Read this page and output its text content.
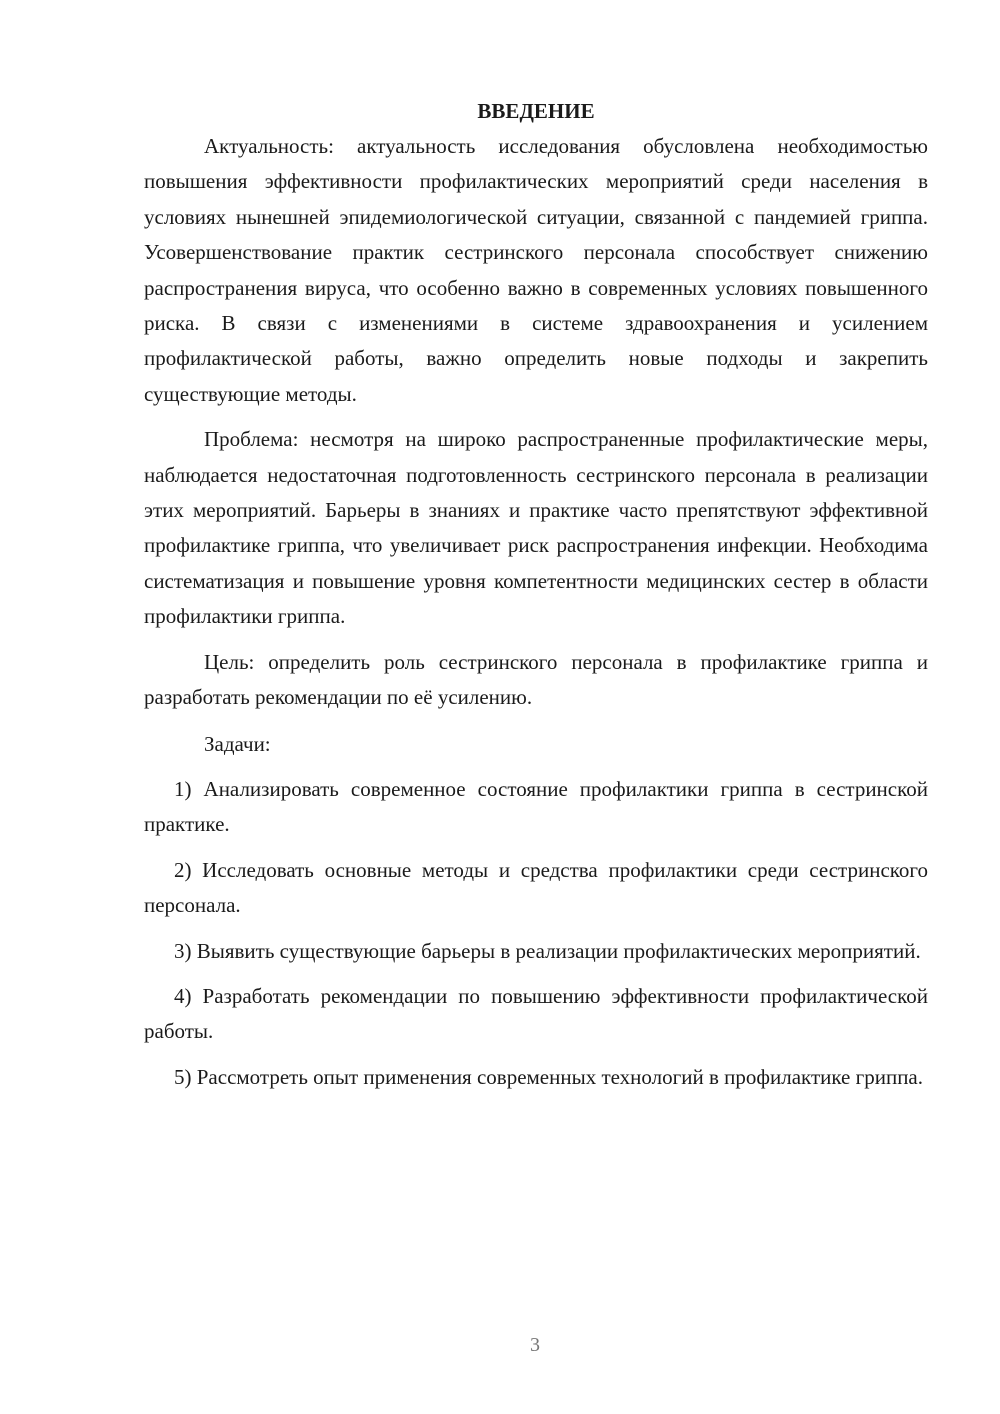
ВВЕДЕНИЕ

Актуальность: актуальность исследования обусловлена необходимостью повышения эффективности профилактических мероприятий среди населения в условиях нынешней эпидемиологической ситуации, связанной с пандемией гриппа. Усовершенствование практик сестринского персонала способствует снижению распространения вируса, что особенно важно в современных условиях повышенного риска. В связи с изменениями в системе здравоохранения и усилением профилактической работы, важно определить новые подходы и закрепить существующие методы.

Проблема: несмотря на широко распространенные профилактические меры, наблюдается недостаточная подготовленность сестринского персонала в реализации этих мероприятий. Барьеры в знаниях и практике часто препятствуют эффективной профилактике гриппа, что увеличивает риск распространения инфекции. Необходима систематизация и повышение уровня компетентности медицинских сестер в области профилактики гриппа.

Цель: определить роль сестринского персонала в профилактике гриппа и разработать рекомендации по её усилению.

Задачи:

1) Анализировать современное состояние профилактики гриппа в сестринской практике.

2) Исследовать основные методы и средства профилактики среди сестринского персонала.

3) Выявить существующие барьеры в реализации профилактических мероприятий.

4) Разработать рекомендации по повышению эффективности профилактической работы.

5) Рассмотреть опыт применения современных технологий в профилактике гриппа.

3
